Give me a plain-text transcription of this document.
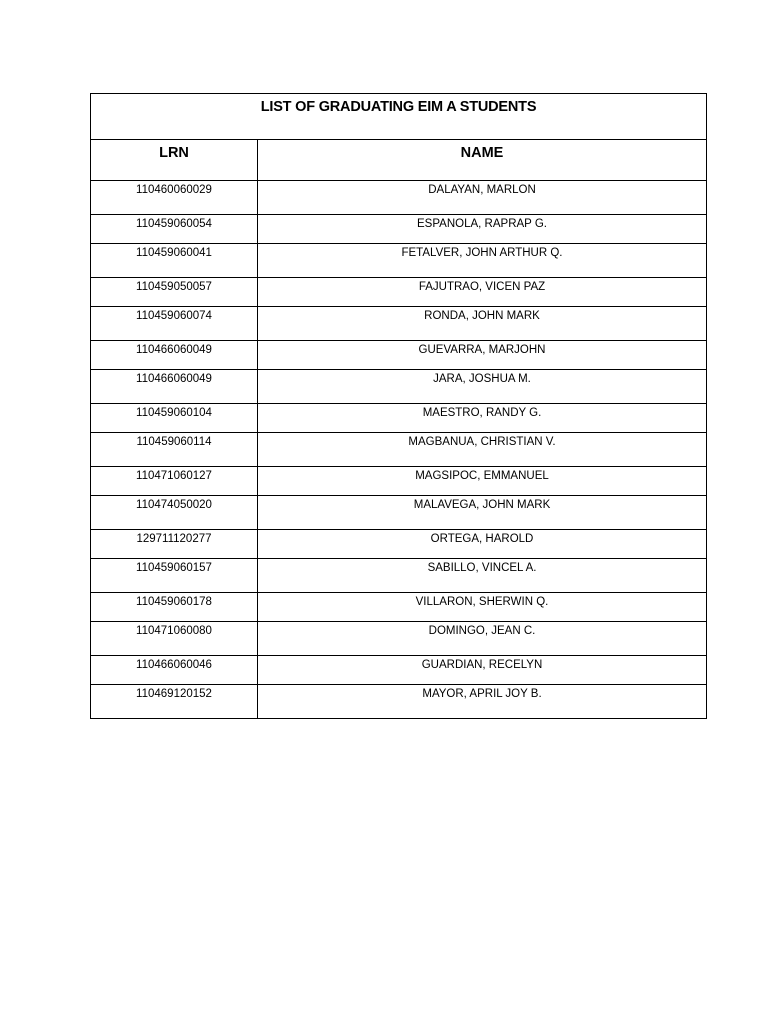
LIST OF GRADUATING EIM A STUDENTS	

LRN	NAME

110460060029	DALAYAN, MARLON

110459060054	ESPANOLA, RAPRAP G.

110459060041	FETALVER, JOHN ARTHUR Q.

110459050057	FAJUTRAO, VICEN PAZ

110459060074	RONDA, JOHN MARK

110466060049	GUEVARRA, MARJOHN

110466060049	JARA, JOSHUA M.

110459060104	MAESTRO, RANDY G.

110459060114	MAGBANUA, CHRISTIAN V.

110471060127	MAGSIPOC, EMMANUEL

110474050020	MALAVEGA, JOHN MARK

129711120277	ORTEGA, HAROLD

110459060157	SABILLO, VINCEL A.

110459060178	VILLARON, SHERWIN Q.

110471060080	DOMINGO, JEAN C.

110466060046	GUARDIAN, RECELYN

110469120152	MAYOR, APRIL JOY B.
